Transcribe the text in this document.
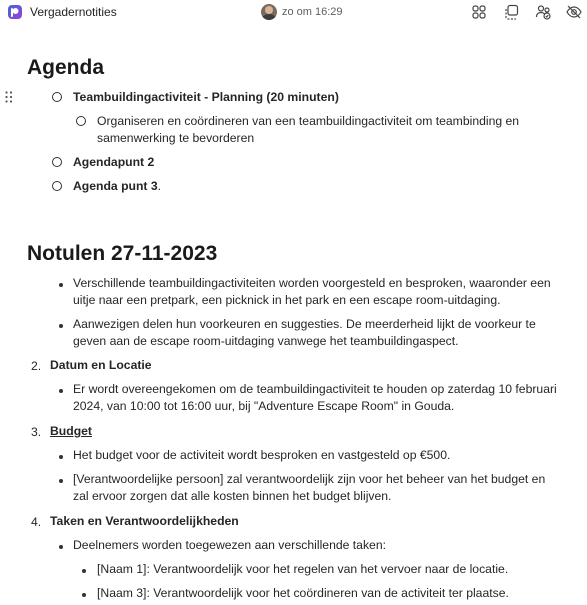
Vergadernotities	zo om 16:29
Agenda
Teambuildingactiviteit - Planning (20 minuten)
Organiseren en coördineren van een teambuildingactiviteit om teambinding en
samenwerking te bevorderen
Agendapunt 2
Agenda punt 3.
Notulen 27-11-2023
Verschillende teambuildingactiviteiten worden voorgesteld en besproken, waaronder een
uitje naar een pretpark, een picknick in het park en een escape room-uitdaging.
Aanwezigen delen hun voorkeuren en suggesties. De meerderheid lijkt de voorkeur te
geven aan de escape room-uitdaging vanwege het teambuildingaspect.
2. Datum en Locatie
Er wordt overeengekomen om de teambuildingactiviteit te houden op zaterdag 10 februari
2024, van 10:00 tot 16:00 uur, bij "Adventure Escape Room" in Gouda.
3. Budget
Het budget voor de activiteit wordt besproken en vastgesteld op €500.
[Verantwoordelijke persoon] zal verantwoordelijk zijn voor het beheer van het budget en
zal ervoor zorgen dat alle kosten binnen het budget blijven.
4. Taken en Verantwoordelijkheden
Deelnemers worden toegewezen aan verschillende taken:
[Naam 1]: Verantwoordelijk voor het regelen van het vervoer naar de locatie.
[Naam 3]: Verantwoordelijk voor het coördineren van de activiteit ter plaatse.
